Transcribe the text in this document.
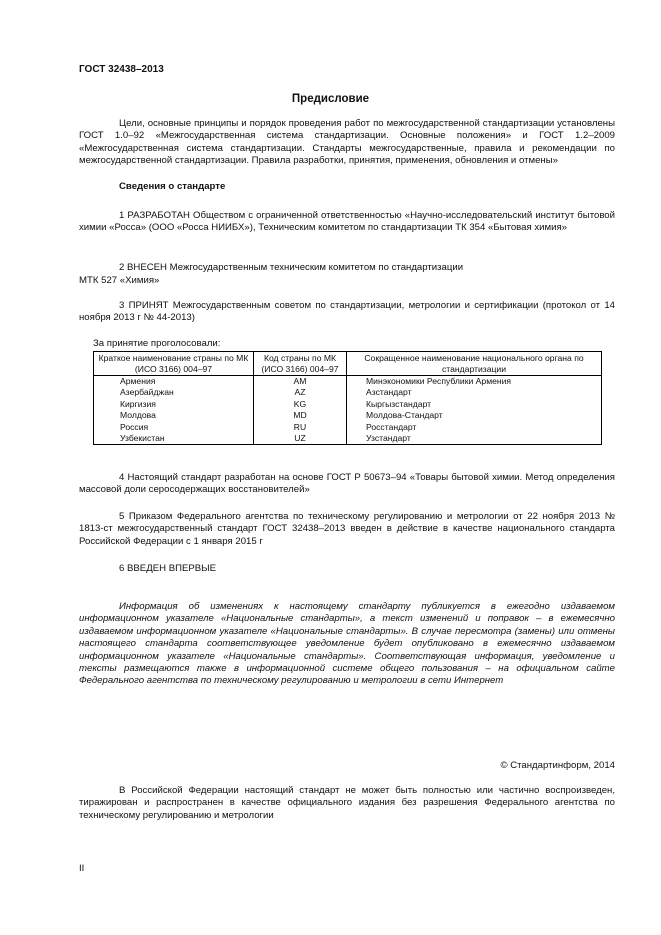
ГОСТ 32438–2013
Предисловие
Цели, основные принципы и порядок проведения работ по межгосударственной стандартизации установлены ГОСТ 1.0–92 «Межгосударственная система стандартизации. Основные положения» и ГОСТ 1.2–2009 «Межгосударственная система стандартизации. Стандарты межгосударственные, правила и рекомендации по межгосударственной стандартизации. Правила разработки, принятия, применения, обновления и отмены»
Сведения о стандарте
1 РАЗРАБОТАН Обществом с ограниченной ответственностью «Научно-исследовательский институт бытовой химии «Росса» (ООО «Росса НИИБХ»), Техническим комитетом по стандартизации ТК 354 «Бытовая химия»
2 ВНЕСЕН Межгосударственным техническим комитетом по стандартизации
МТК 527 «Химия»
3 ПРИНЯТ Межгосударственным советом по стандартизации, метрологии и сертификации (протокол от 14 ноября 2013 г № 44-2013)
За принятие проголосовали:
Краткое наименование страны по МК (ИСО 3166) 004–97	Код страны по МК (ИСО 3166) 004–97	Сокращенное наименование национального органа по стандартизации
Армения	AM	Минэкономики Республики Армения
Азербайджан	AZ	Азстандарт
Киргизия	KG	Кыргызстандарт
Молдова	MD	Молдова-Стандарт
Россия	RU	Росстандарт
Узбекистан	UZ	Узстандарт
4 Настоящий стандарт разработан на основе ГОСТ Р 50673–94 «Товары бытовой химии. Метод определения массовой доли серосодержащих восстановителей»
5 Приказом Федерального агентства по техническому регулированию и метрологии от 22 ноября 2013 № 1813-ст межгосударственный стандарт ГОСТ 32438–2013 введен в действие в качестве национального стандарта Российской Федерации с 1 января 2015 г
6 ВВЕДЕН ВПЕРВЫЕ
Информация об изменениях к настоящему стандарту публикуется в ежегодно издаваемом информационном указателе «Национальные стандарты», а текст изменений и поправок – в ежемесячно издаваемом информационном указателе «Национальные стандарты». В случае пересмотра (замены) или отмены настоящего стандарта соответствующее уведомление будет опубликовано в ежемесячно издаваемом информационном указателе «Национальные стандарты». Соответствующая информация, уведомление и тексты размещаются также в информационной системе общего пользования – на официальном сайте Федерального агентства по техническому регулированию и метрологии в сети Интернет
© Стандартинформ, 2014
В Российской Федерации настоящий стандарт не может быть полностью или частично воспроизведен, тиражирован и распространен в качестве официального издания без разрешения Федерального агентства по техническому регулированию и метрологии
II
